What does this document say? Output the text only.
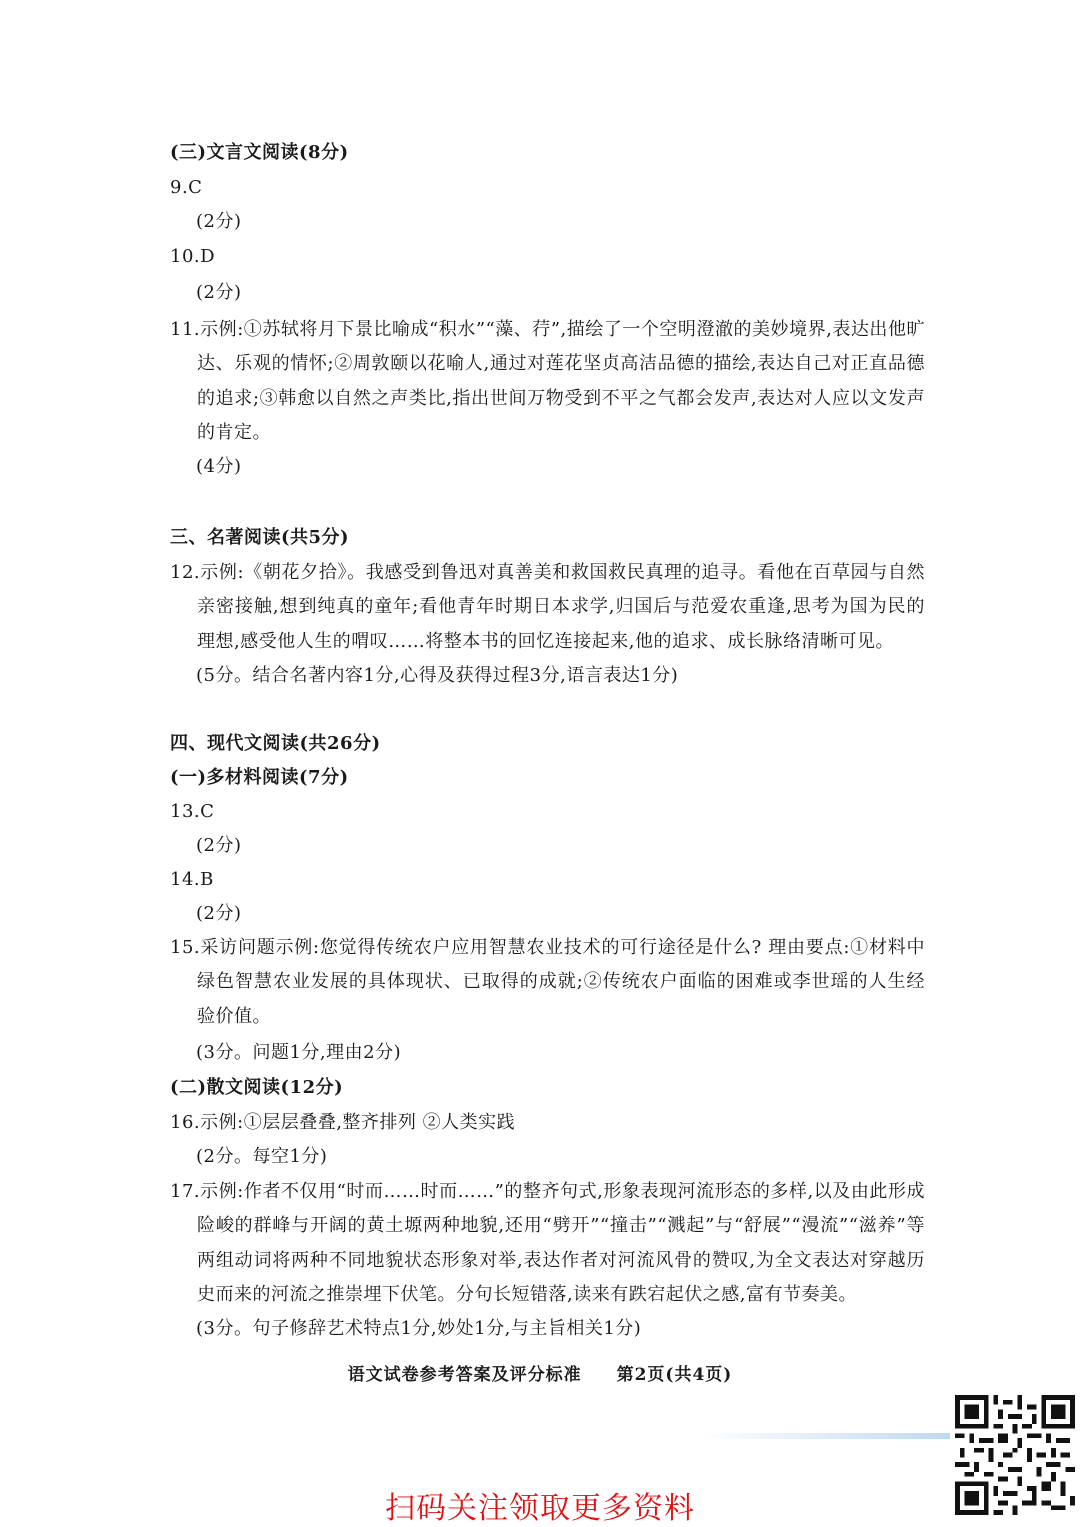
(三)文言文阅读(8分)
9.C
(2分)
10.D
(2分)
11.示例:①苏轼将月下景比喻成“积水”“藻、荇”,描绘了一个空明澄澈的美妙境界,表达出他旷达、乐观的情怀;②周敦颐以花喻人,通过对莲花坚贞高洁品德的描绘,表达自己对正直品德的追求;③韩愈以自然之声类比,指出世间万物受到不平之气都会发声,表达对人应以文发声的肯定。
(4分)
三、名著阅读(共5分)
12.示例:《朝花夕拾》。我感受到鲁迅对真善美和救国救民真理的追寻。看他在百草园与自然亲密接触,想到纯真的童年;看他青年时期日本求学,归国后与范爱农重逢,思考为国为民的理想,感受他人生的喟叹……将整本书的回忆连接起来,他的追求、成长脉络清晰可见。
(5分。结合名著内容1分,心得及获得过程3分,语言表达1分)
四、现代文阅读(共26分)
(一)多材料阅读(7分)
13.C
(2分)
14.B
(2分)
15.采访问题示例:您觉得传统农户应用智慧农业技术的可行途径是什么? 理由要点:①材料中绿色智慧农业发展的具体现状、已取得的成就;②传统农户面临的困难或李世瑶的人生经验价值。
(3分。问题1分,理由2分)
(二)散文阅读(12分)
16.示例:①层层叠叠,整齐排列 ②人类实践
(2分。每空1分)
17.示例:作者不仅用“时而……时而……”的整齐句式,形象表现河流形态的多样,以及由此形成险峻的群峰与开阔的黄土塬两种地貌,还用“劈开”“撞击”“溅起”与“舒展”“漫流”“滋养”等两组动词将两种不同地貌状态形象对举,表达作者对河流风骨的赞叹,为全文表达对穿越历史而来的河流之推崇埋下伏笔。分句长短错落,读来有跌宕起伏之感,富有节奏美。
(3分。句子修辞艺术特点1分,妙处1分,与主旨相关1分)
语文试卷参考答案及评分标准 第2页(共4页)
扫码关注领取更多资料
